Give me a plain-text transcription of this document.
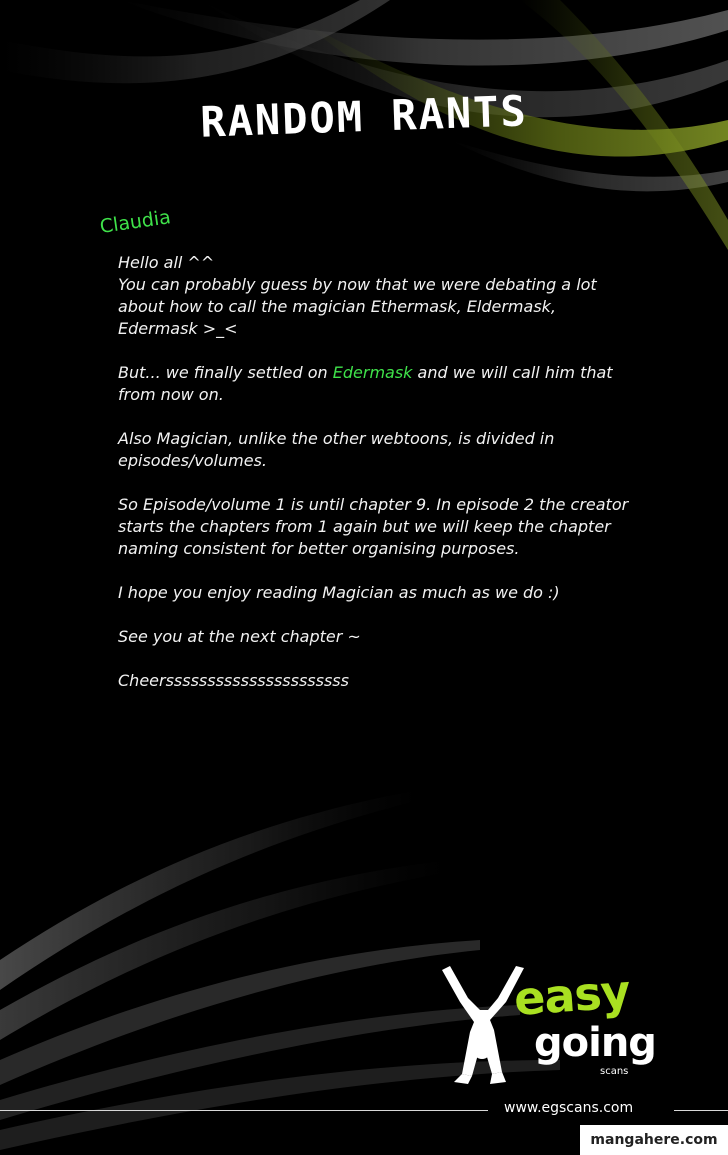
RANDOM RANTS
Claudia

Hello all ^^
You can probably guess by now that we were debating a lot about how to call the magician Ethermask, Eldermask, Edermask >_<

But... we finally settled on Edermask and we will call him that from now on.

Also Magician, unlike the other webtoons, is divided in episodes/volumes.

So Episode/volume 1 is until chapter 9. In episode 2 the creator starts the chapters from 1 again but we will keep the chapter naming consistent for better organising purposes.

I hope you enjoy reading Magician as much as we do :)

See you at the next chapter ~

Cheerssssssssssssssssssssss

easy
going
scans
www.egscans.com
mangahere.com
